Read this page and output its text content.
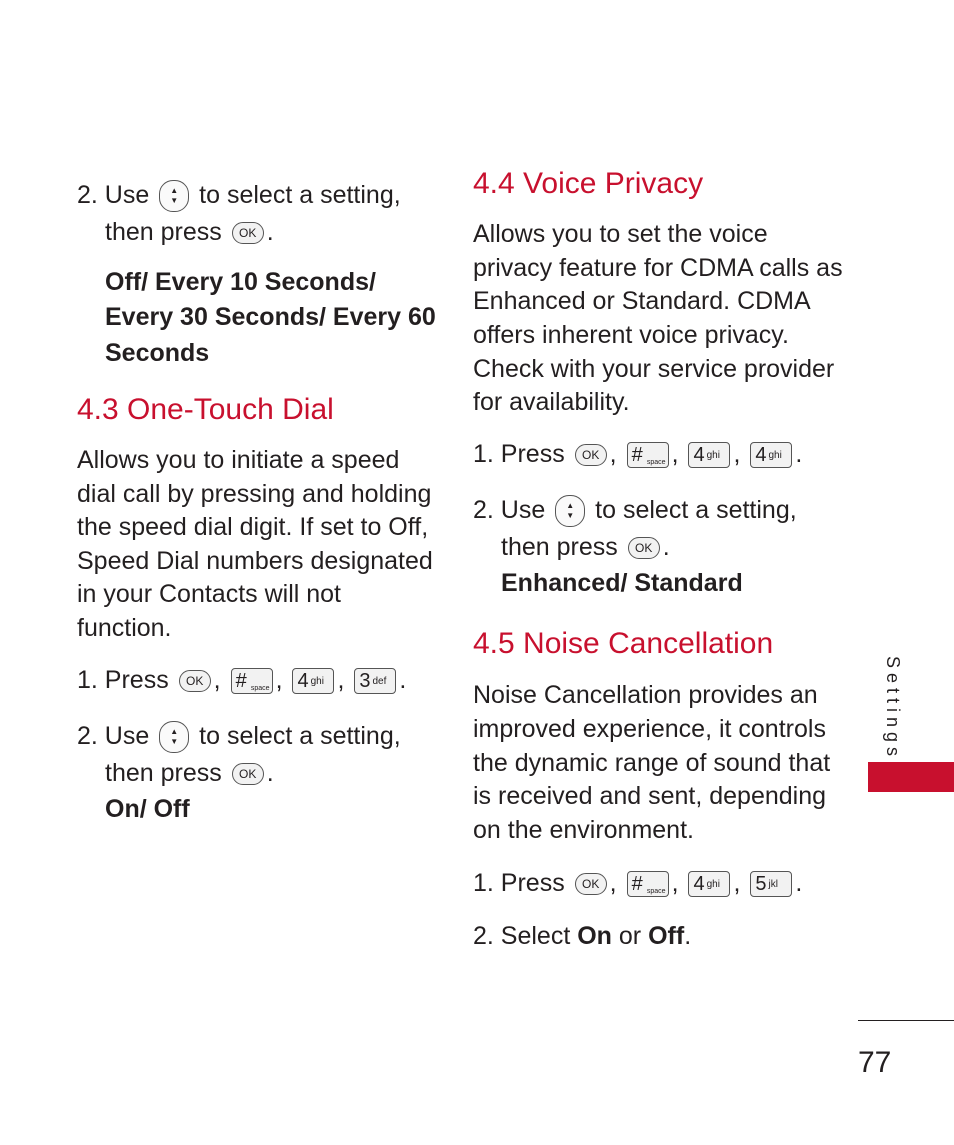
2. Use	▲
▼ to select a setting,
then press OK .
Off/ Every 10 Seconds/
Every 30 Seconds/ Every 60
Seconds
4.3 One-Touch Dial
Allows you to initiate a speed
dial call by pressing and holding
the speed dial digit. If set to Off,
Speed Dial numbers designated
in your Contacts will not
function.
1. Press OK , # space , 4 ghi , 3 def .
2. Use	▲
▼ to select a setting,
then press OK .
On/ Off
4.4 Voice Privacy
Allows you to set the voice
privacy feature for CDMA calls as
Enhanced or Standard. CDMA
offers inherent voice privacy.
Check with your service provider
for availability.
1. Press OK , # space , 4 ghi , 4 ghi .
2. Use	▲
▼ to select a setting,
then press OK .
Enhanced/ Standard
4.5 Noise Cancellation
Noise Cancellation provides an
improved experience, it controls
the dynamic range of sound that
is received and sent, depending
on the environment.
1. Press OK , # space , 4 ghi , 5 jkl .
2. Select On or Off.
Settings
77
